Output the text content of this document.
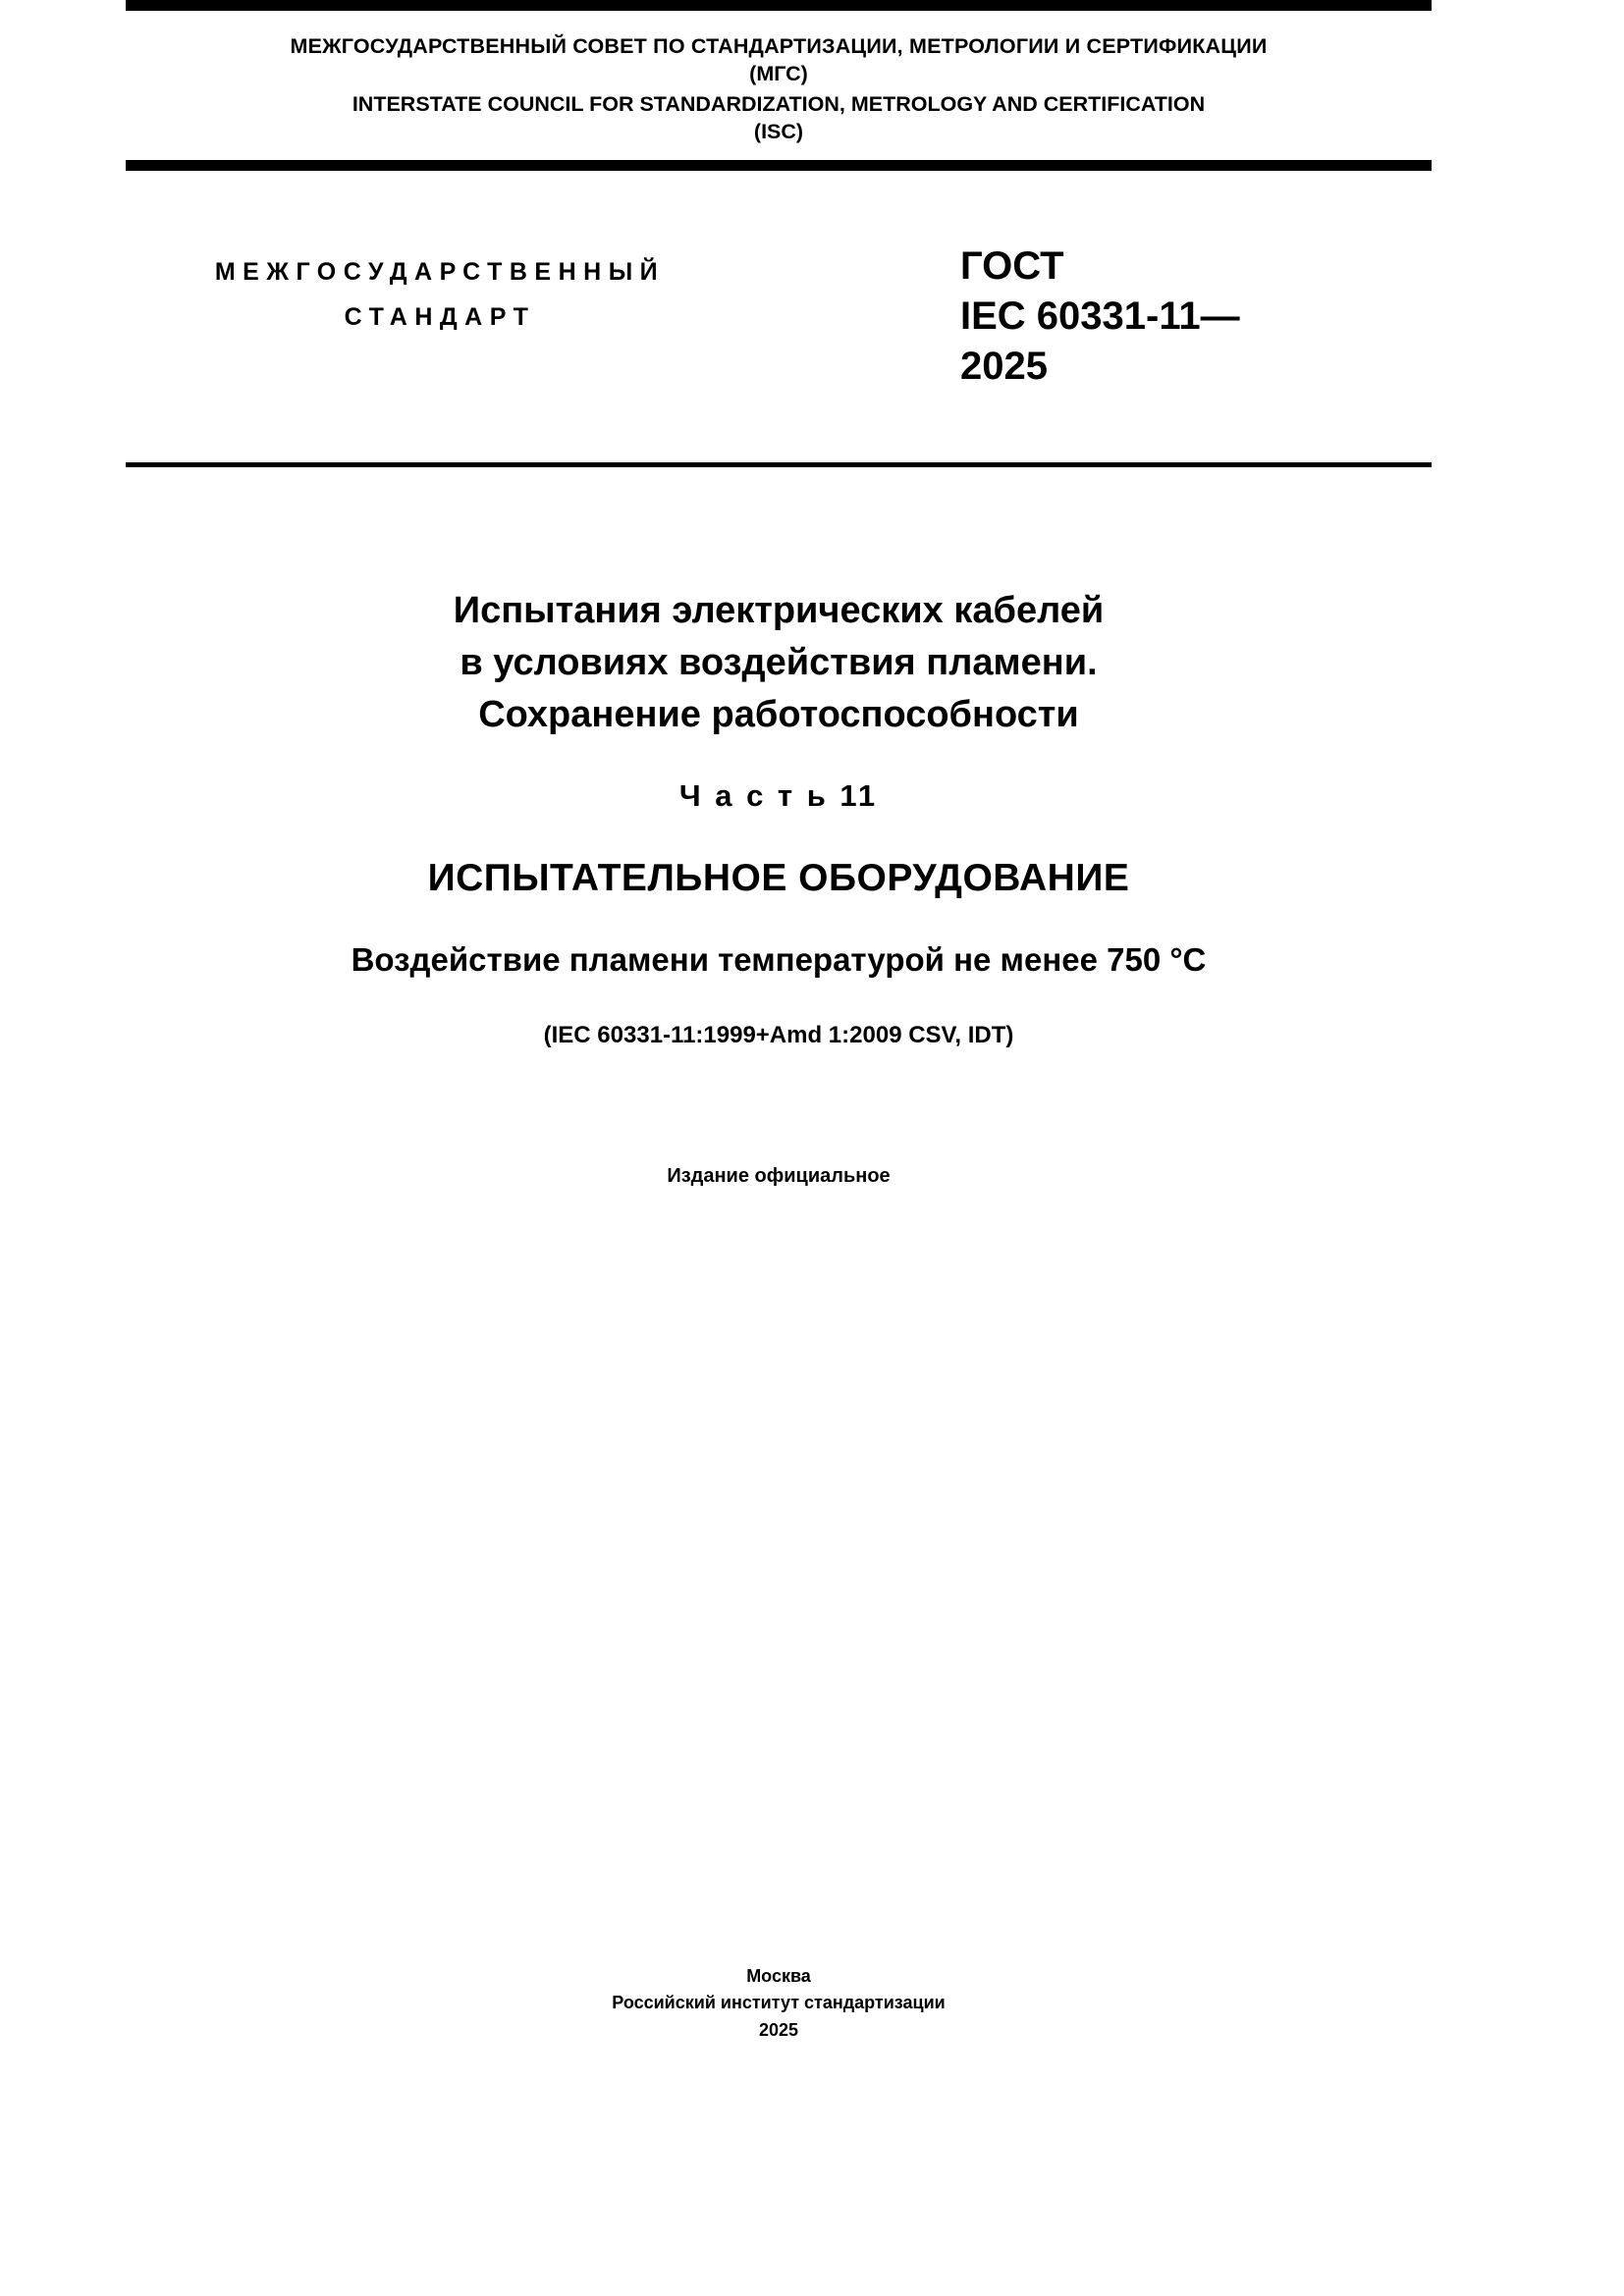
МЕЖГОСУДАРСТВЕННЫЙ СОВЕТ ПО СТАНДАРТИЗАЦИИ, МЕТРОЛОГИИ И СЕРТИФИКАЦИИ
(МГС)
INTERSTATE COUNCIL FOR STANDARDIZATION, METROLOGY AND CERTIFICATION
(ISC)
МЕЖГОСУДАРСТВЕННЫЙ
СТАНДАРТ
ГОСТ
IEC 60331-11—
2025
Испытания электрических кабелей
в условиях воздействия пламени.
Сохранение работоспособности
Ч а с т ь 11
ИСПЫТАТЕЛЬНОЕ ОБОРУДОВАНИЕ
Воздействие пламени температурой не менее 750 °C
(IEC 60331-11:1999+Amd 1:2009 CSV, IDT)
Издание официальное
Москва
Российский институт стандартизации
2025
